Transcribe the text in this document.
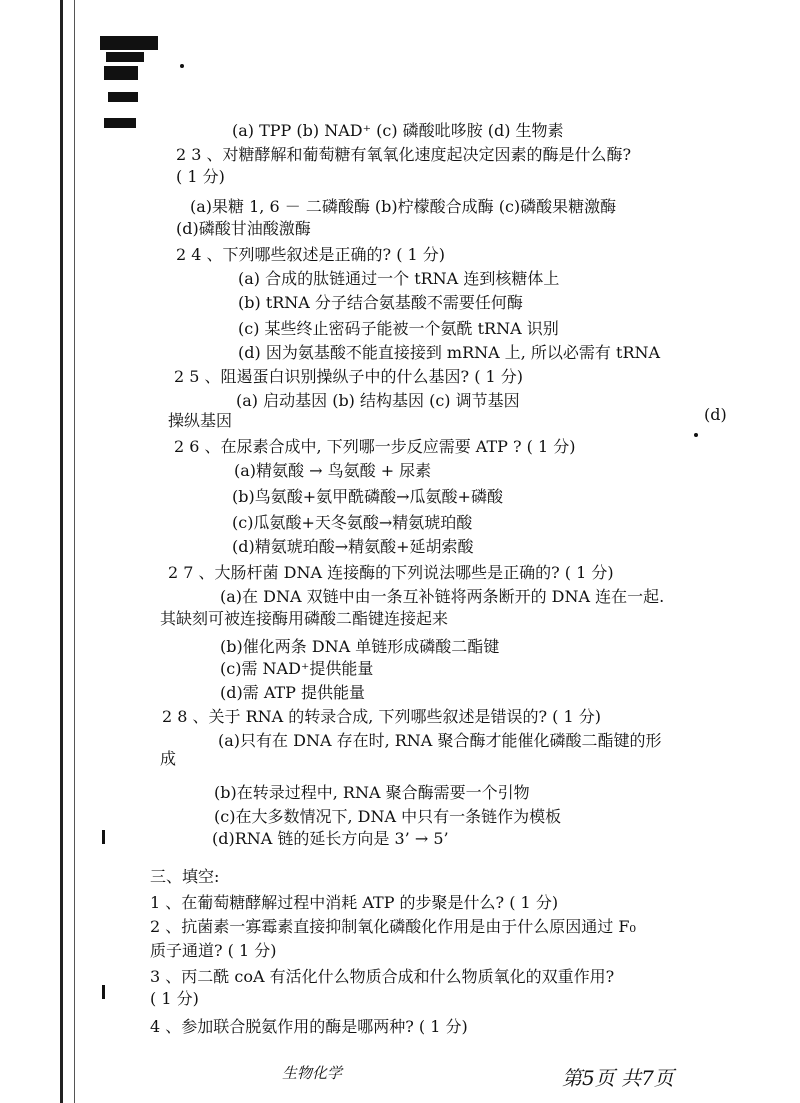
(a) TPP (b) NAD⁺ (c) 磷酸吡哆胺 (d) 生物素
2 3 、对糖酵解和葡萄糖有氧氧化速度起决定因素的酶是什么酶?
( 1 分)
(a)果糖 1, 6 － 二磷酸酶 (b)柠檬酸合成酶 (c)磷酸果糖激酶
(d)磷酸甘油酸激酶
2 4 、下列哪些叙述是正确的? ( 1 分)
(a) 合成的肽链通过一个 tRNA 连到核糖体上
(b) tRNA 分子结合氨基酸不需要任何酶
(c) 某些终止密码子能被一个氨酰 tRNA 识别
(d) 因为氨基酸不能直接接到 mRNA 上, 所以必需有 tRNA
2 5 、阻遏蛋白识别操纵子中的什么基因? ( 1 分)
(a) 启动基因 (b) 结构基因 (c) 调节基因
(d)
操纵基因
2 6 、在尿素合成中, 下列哪一步反应需要 ATP ? ( 1 分)
(a)精氨酸 → 鸟氨酸 + 尿素
(b)鸟氨酸+氨甲酰磷酸→瓜氨酸+磷酸
(c)瓜氨酸+天冬氨酸→精氨琥珀酸
(d)精氨琥珀酸→精氨酸+延胡索酸
2 7 、大肠杆菌 DNA 连接酶的下列说法哪些是正确的? ( 1 分)
(a)在 DNA 双链中由一条互补链将两条断开的 DNA 连在一起.
其缺刻可被连接酶用磷酸二酯键连接起来
(b)催化两条 DNA 单链形成磷酸二酯键
(c)需 NAD⁺提供能量
(d)需 ATP 提供能量
2 8 、关于 RNA 的转录合成, 下列哪些叙述是错误的? ( 1 分)
(a)只有在 DNA 存在时, RNA 聚合酶才能催化磷酸二酯键的形
成
(b)在转录过程中, RNA 聚合酶需要一个引物
(c)在大多数情况下, DNA 中只有一条链作为模板
(d)RNA 链的延长方向是 3’ → 5’
三、填空:
1 、在葡萄糖酵解过程中消耗 ATP 的步聚是什么? ( 1 分)
2 、抗菌素一寡霉素直接抑制氧化磷酸化作用是由于什么原因通过 F₀
质子通道? ( 1 分)
3 、丙二酰 coA 有活化什么物质合成和什么物质氧化的双重作用?
( 1 分)
4 、参加联合脱氨作用的酶是哪两种? ( 1 分)
生物化学	第5页 共7页
